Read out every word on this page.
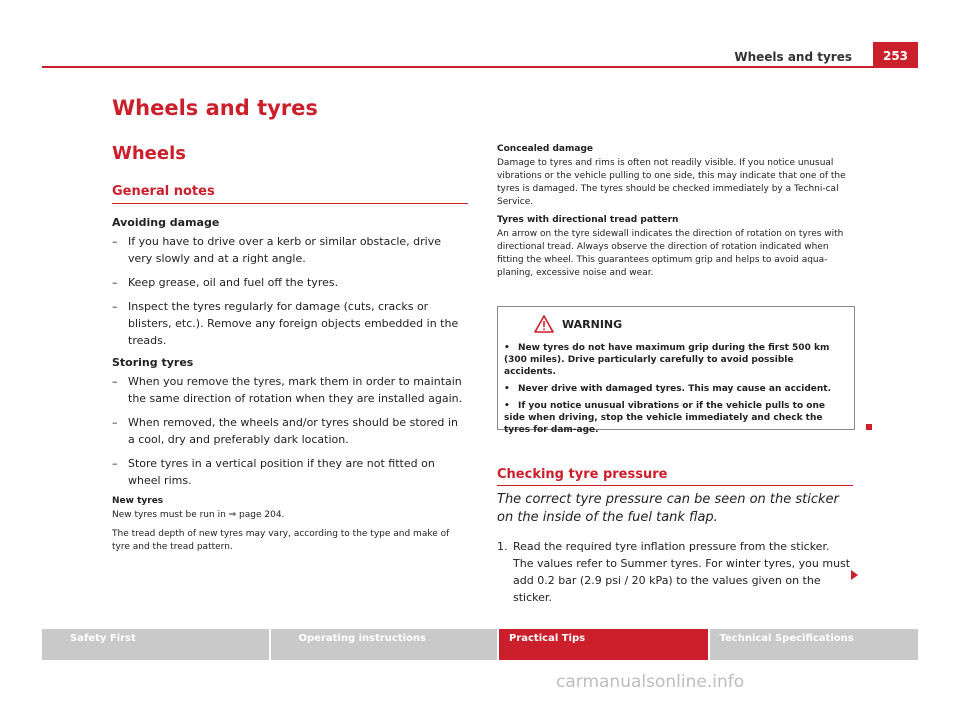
Wheels and tyres	253
Wheels and tyres
Wheels
General notes
Avoiding damage
– If you have to drive over a kerb or similar obstacle, drive very slowly and at a right angle.
– Keep grease, oil and fuel off the tyres.
– Inspect the tyres regularly for damage (cuts, cracks or blisters, etc.). Remove any foreign objects embedded in the treads.
Storing tyres
– When you remove the tyres, mark them in order to maintain the same direction of rotation when they are installed again.
– When removed, the wheels and/or tyres should be stored in a cool, dry and preferably dark location.
– Store tyres in a vertical position if they are not fitted on wheel rims.
New tyres

New tyres must be run in ⇒ page 204.

The tread depth of new tyres may vary, according to the type and make of tyre and the tread pattern.

Concealed damage

Damage to tyres and rims is often not readily visible. If you notice unusual vibrations or the vehicle pulling to one side, this may indicate that one of the tyres is damaged. The tyres should be checked immediately by a Techni-cal Service.

Tyres with directional tread pattern

An arrow on the tyre sidewall indicates the direction of rotation on tyres with directional tread. Always observe the direction of rotation indicated when fitting the wheel. This guarantees optimum grip and helps to avoid aqua-planing, excessive noise and wear.

WARNING
• New tyres do not have maximum grip during the first 500 km (300 miles). Drive particularly carefully to avoid possible accidents.
• Never drive with damaged tyres. This may cause an accident.
• If you notice unusual vibrations or if the vehicle pulls to one side when driving, stop the vehicle immediately and check the tyres for dam-age.
Checking tyre pressure
The correct tyre pressure can be seen on the sticker on the inside of the fuel tank flap.
1. Read the required tyre inflation pressure from the sticker. The values refer to Summer tyres. For winter tyres, you must add 0.2 bar (2.9 psi / 20 kPa) to the values given on the sticker.
Safety First	Operating instructions	Practical Tips	Technical Specifications
carmanualsonline.info
